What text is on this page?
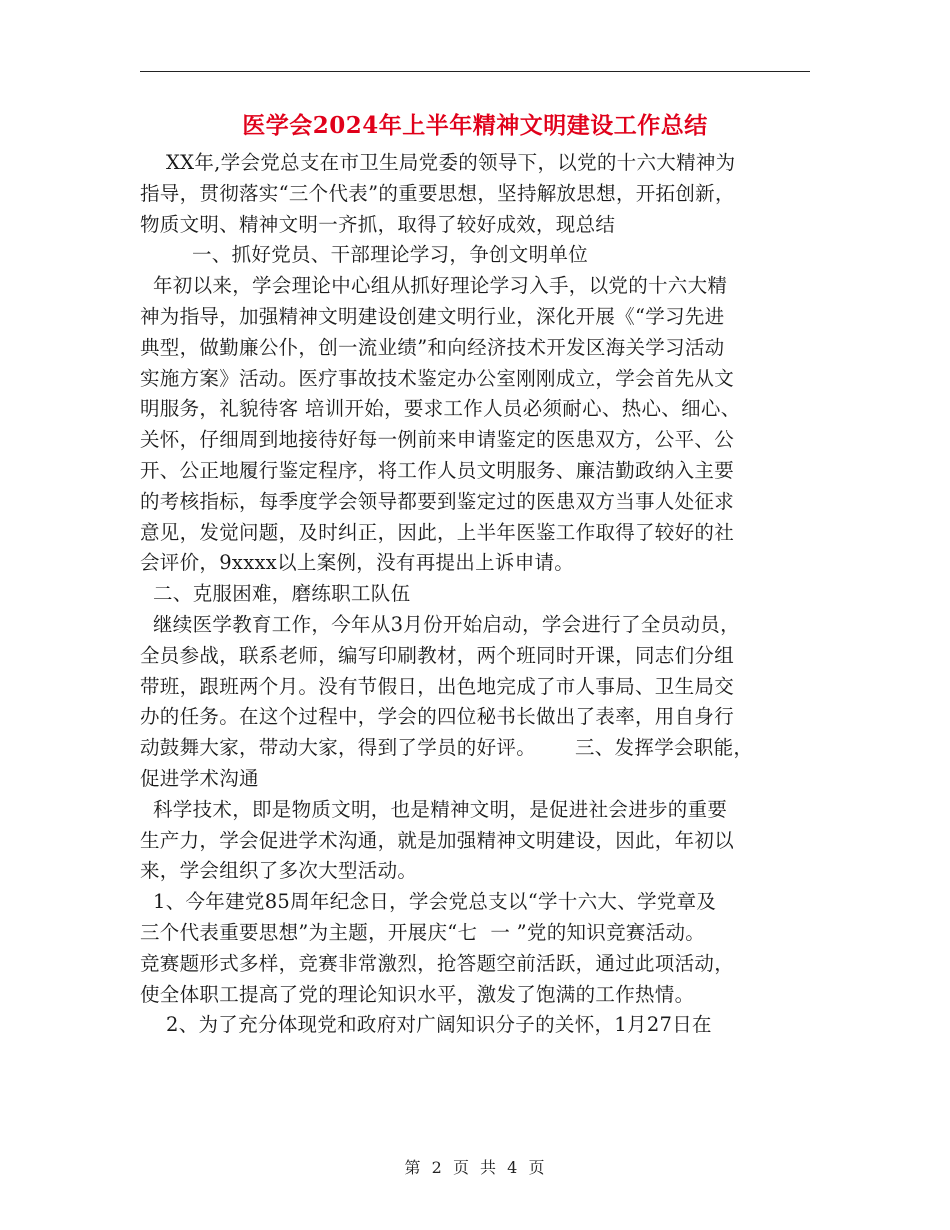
医学会2024年上半年精神文明建设工作总结

XX年,学会党总支在市卫生局党委的领导下，以党的十六大精神为

指导，贯彻落实“三个代表”的重要思想，坚持解放思想，开拓创新，

物质文明、精神文明一齐抓，取得了较好成效，现总结

一、抓好党员、干部理论学习，争创文明单位

年初以来，学会理论中心组从抓好理论学习入手，以党的十六大精

神为指导，加强精神文明建设创建文明行业，深化开展《“学习先进

典型，做勤廉公仆，创一流业绩”和向经济技术开发区海关学习活动

实施方案》活动。医疗事故技术鉴定办公室刚刚成立，学会首先从文

明服务，礼貌待客 培训开始，要求工作人员必须耐心、热心、细心、

关怀，仔细周到地接待好每一例前来申请鉴定的医患双方，公平、公

开、公正地履行鉴定程序，将工作人员文明服务、廉洁勤政纳入主要

的考核指标，每季度学会领导都要到鉴定过的医患双方当事人处征求

意见，发觉问题，及时纠正，因此，上半年医鉴工作取得了较好的社

会评价，9xxxx以上案例，没有再提出上诉申请。

二、克服困难，磨练职工队伍

继续医学教育工作，今年从3月份开始启动，学会进行了全员动员，

全员参战，联系老师，编写印刷教材，两个班同时开课，同志们分组

带班，跟班两个月。没有节假日，出色地完成了市人事局、卫生局交

办的任务。在这个过程中，学会的四位秘书长做出了表率，用自身行

动鼓舞大家，带动大家，得到了学员的好评。      三、发挥学会职能，

促进学术沟通

科学技术，即是物质文明，也是精神文明，是促进社会进步的重要

生产力，学会促进学术沟通，就是加强精神文明建设，因此，年初以

来，学会组织了多次大型活动。

1、今年建党85周年纪念日，学会党总支以“学十六大、学党章及

三个代表重要思想”为主题，开展庆“七  一 ”党的知识竞赛活动。

竞赛题形式多样，竞赛非常激烈，抢答题空前活跃，通过此项活动，

使全体职工提高了党的理论知识水平，激发了饱满的工作热情。

2、为了充分体现党和政府对广阔知识分子的关怀，1月27日在

第 2 页 共 4 页
